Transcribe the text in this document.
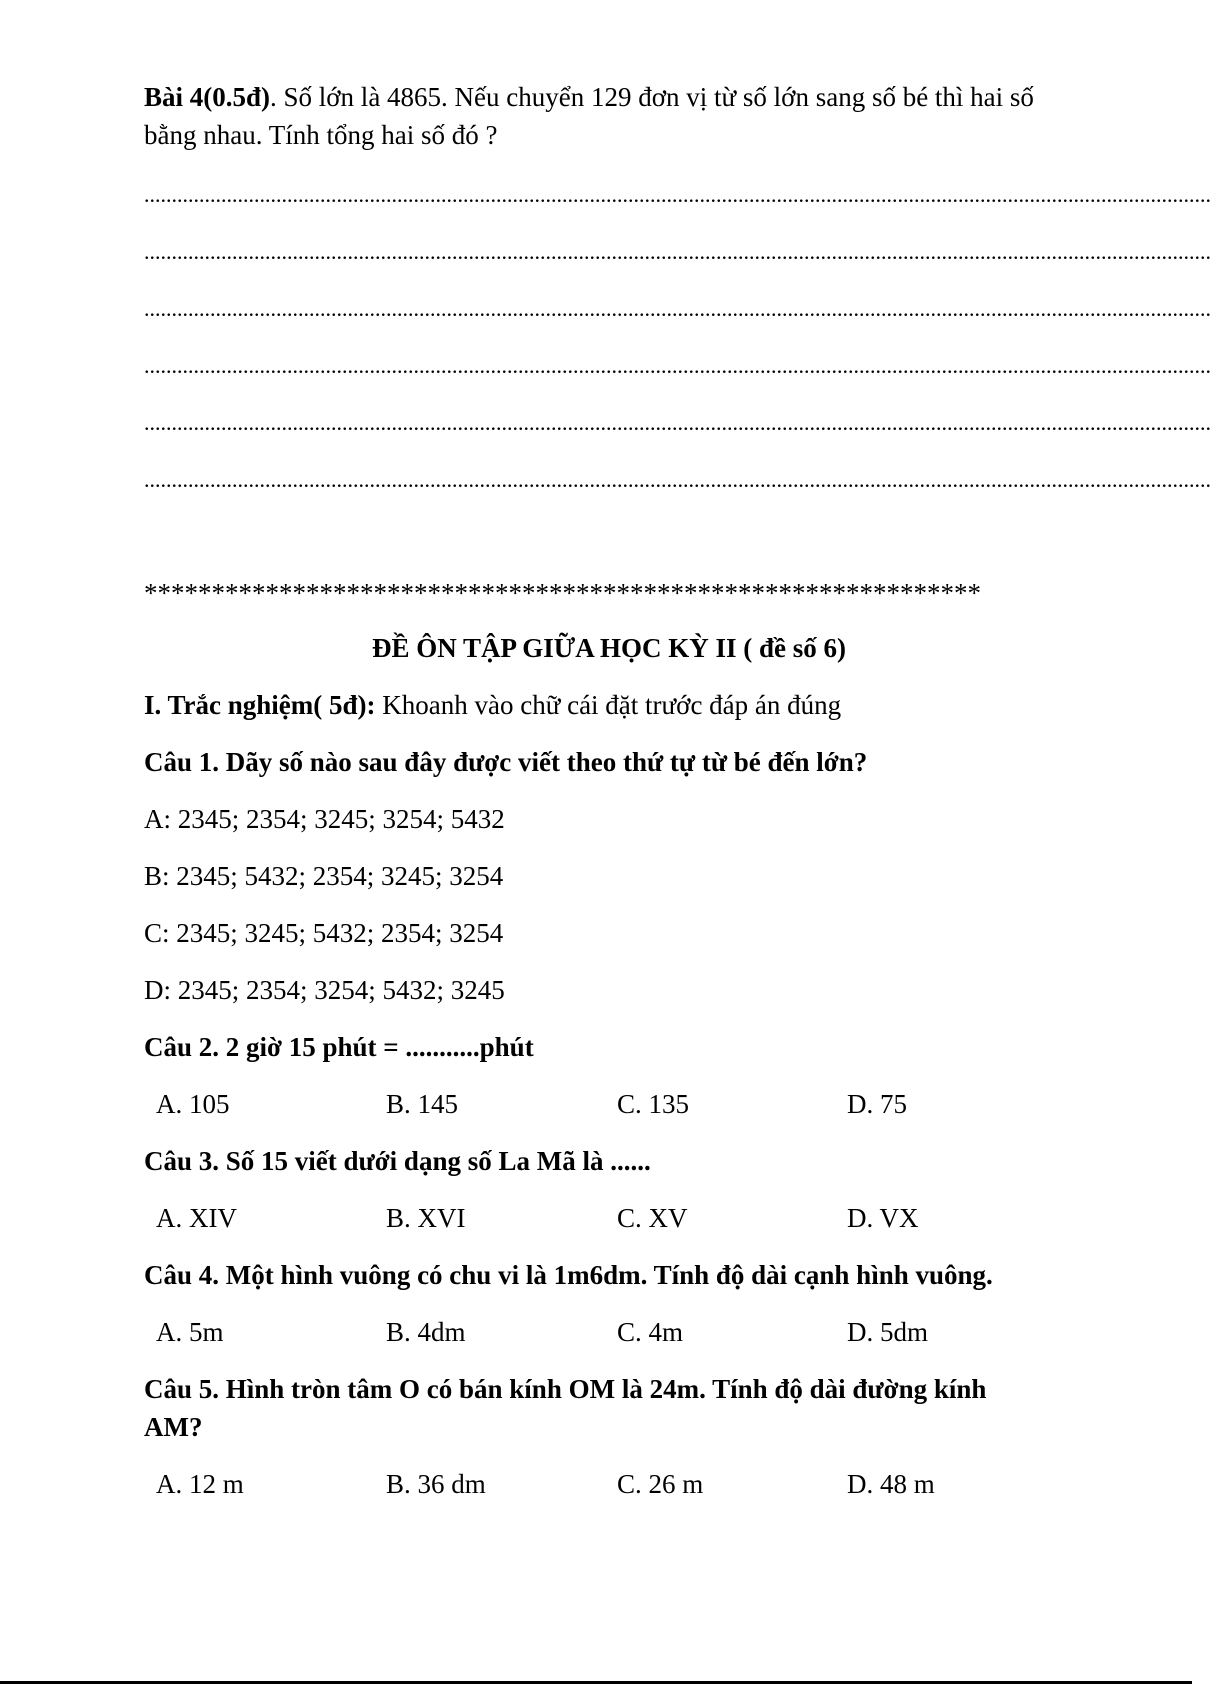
Bài 4(0.5đ). Số lớn là 4865. Nếu chuyển 129 đơn vị từ số lớn sang số bé thì hai số
bằng nhau. Tính tổng hai số đó ?
..................................................................................................................................................................................................
..................................................................................................................................................................................................
..................................................................................................................................................................................................
..................................................................................................................................................................................................
..................................................................................................................................................................................................
..................................................................................................................................................................................................
**************************************************************
ĐỀ ÔN TẬP GIỮA HỌC KỲ II ( đề số 6)
I. Trắc nghiệm( 5đ): Khoanh vào chữ cái đặt trước đáp án đúng
Câu 1. Dãy số nào sau đây được viết theo thứ tự từ bé đến lớn?
A: 2345; 2354; 3245; 3254; 5432
B: 2345; 5432; 2354; 3245; 3254
C: 2345; 3245; 5432; 2354; 3254
D: 2345; 2354; 3254; 5432; 3245
Câu 2. 2 giờ 15 phút = ...........phút
A. 105	B. 145	C. 135	D. 75
Câu 3. Số 15 viết dưới dạng số La Mã là ......
A. XIV	B. XVI	C. XV	D. VX
Câu 4. Một hình vuông có chu vi là 1m6dm. Tính độ dài cạnh hình vuông.
A. 5m	B. 4dm	C. 4m	D. 5dm
Câu 5. Hình tròn tâm O có bán kính OM là 24m. Tính độ dài đường kính
AM?
A. 12 m	B. 36 dm	C. 26 m	D. 48 m
